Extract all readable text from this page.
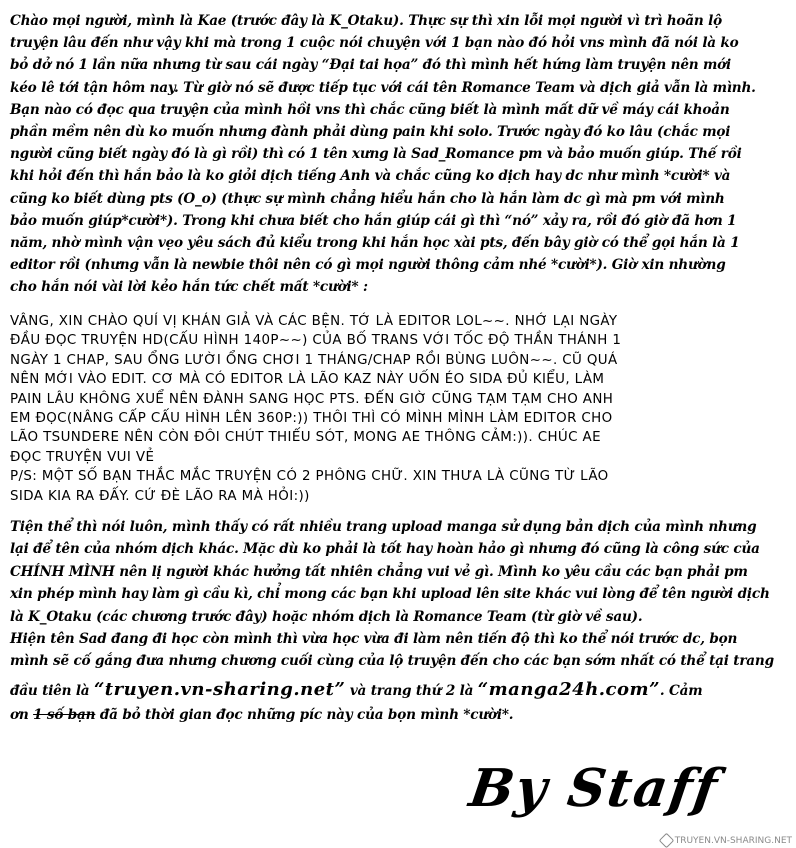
Chào mọi người, mình là Kae (trước đây là K_Otaku). Thực sự thì xin lỗi mọi người vì trì hoãn lộ
truyện lâu đến như vậy khi mà trong 1 cuộc nói chuyện với 1 bạn nào đó hỏi vns mình đã nói là ko
bỏ dở nó 1 lần nữa nhưng từ sau cái ngày “Đại tai họa” đó thì mình hết hứng làm truyện nên mới
kéo lê tới tận hôm nay. Từ giờ nó sẽ được tiếp tục với cái tên Romance Team và dịch giả vẫn là mình.
Bạn nào có đọc qua truyện của mình hồi vns thì chắc cũng biết là mình mất dữ về máy cái khoản
phần mềm nên dù ko muốn nhưng đành phải dùng pain khi solo. Trước ngày đó ko lâu (chắc mọi
người cũng biết ngày đó là gì rồi) thì có 1 tên xưng là Sad_Romance pm và bảo muốn giúp. Thế rồi
khi hỏi đến thì hắn bảo là ko giỏi dịch tiếng Anh và chắc cũng ko dịch hay dc như mình *cười* và
cũng ko biết dùng pts (O_o) (thực sự mình chẳng hiểu hắn cho là hắn làm dc gì mà pm với mình
bảo muốn giúp*cười*). Trong khi chưa biết cho hắn giúp cái gì thì “nó” xảy ra, rồi đó giờ đã hơn 1
năm, nhờ mình vận vẹo yêu sách đủ kiểu trong khi hắn học xài pts, đến bây giờ có thể gọi hắn là 1
editor rồi (nhưng vẫn là newbie thôi nên có gì mọi người thông cảm nhé *cười*). Giờ xin nhường
cho hắn nói vài lời kẻo hắn tức chết mất *cười* :
VÂNG, XIN CHÀO QUÍ VỊ KHÁN GIẢ VÀ CÁC BỆN. TỚ LÀ EDITOR LOL~~. NHỚ LẠI NGÀY
ĐẦU ĐỌC TRUYỆN HD(CẤU HÌNH 140P~~) CỦA BỐ TRANS VỚI TỐC ĐỘ THẦN THÁNH 1
NGÀY 1 CHAP, SAU ỔNG LƯỜI ỔNG CHƠI 1 THÁNG/CHAP RỒI BÙNG LUÔN~~. CŨ QUÁ
NÊN MỚI VÀO EDIT. CƠ MÀ CÓ EDITOR LÀ LÃO KAZ NÀY UỐN ÉO SIDA ĐỦ KIỂU, LÀM
PAIN LÂU KHÔNG XUỂ NÊN ĐÀNH SANG HỌC PTS. ĐẾN GIỜ CŨNG TẠM TẠM CHO ANH
EM ĐỌC(NÂNG CẤP CẤU HÌNH LÊN 360P:)) THÔI THÌ CÓ MÌNH MÌNH LÀM EDITOR CHO
LÃO TSUNDERE NÊN CÒN ĐÔI CHÚT THIẾU SÓT, MONG AE THÔNG CẢM:)). CHÚC AE
ĐỌC TRUYỆN VUI VẺ
P/S: MỘT SỐ BẠN THẮC MẮC TRUYỆN CÓ 2 PHÔNG CHỮ. XIN THƯA LÀ CŨNG TỪ LÃO
SIDA KIA RA ĐẤY. CỨ ĐÈ LÃO RA MÀ HỎI:))
Tiện thể thì nói luôn, mình thấy có rất nhiều trang upload manga sử dụng bản dịch của mình nhưng
lại để tên của nhóm dịch khác. Mặc dù ko phải là tốt hay hoàn hảo gì nhưng đó cũng là công sức của
CHÍNH MÌNH nên lị người khác hưởng tất nhiên chẳng vui vẻ gì. Mình ko yêu cầu các bạn phải pm
xin phép mình hay làm gì cầu kì, chỉ mong các bạn khi upload lên site khác vui lòng để tên người dịch
là K_Otaku (các chương trước đây) hoặc nhóm dịch là Romance Team (từ giờ về sau).
Hiện tên Sad đang đi học còn mình thì vừa học vừa đi làm nên tiến độ thì ko thể nói trước dc, bọn
mình sẽ cố gắng đưa nhưng chương cuối cùng của lộ truyện đến cho các bạn sớm nhất có thể tại trang
đầu tiên là “truyen.vn-sharing.net” và trang thứ 2 là “manga24h.com”. Cảm
ơn 1 số bạn đã bỏ thời gian đọc những píc này của bọn mình *cười*.
By Staff
TRUYEN.VN-SHARING.NET
